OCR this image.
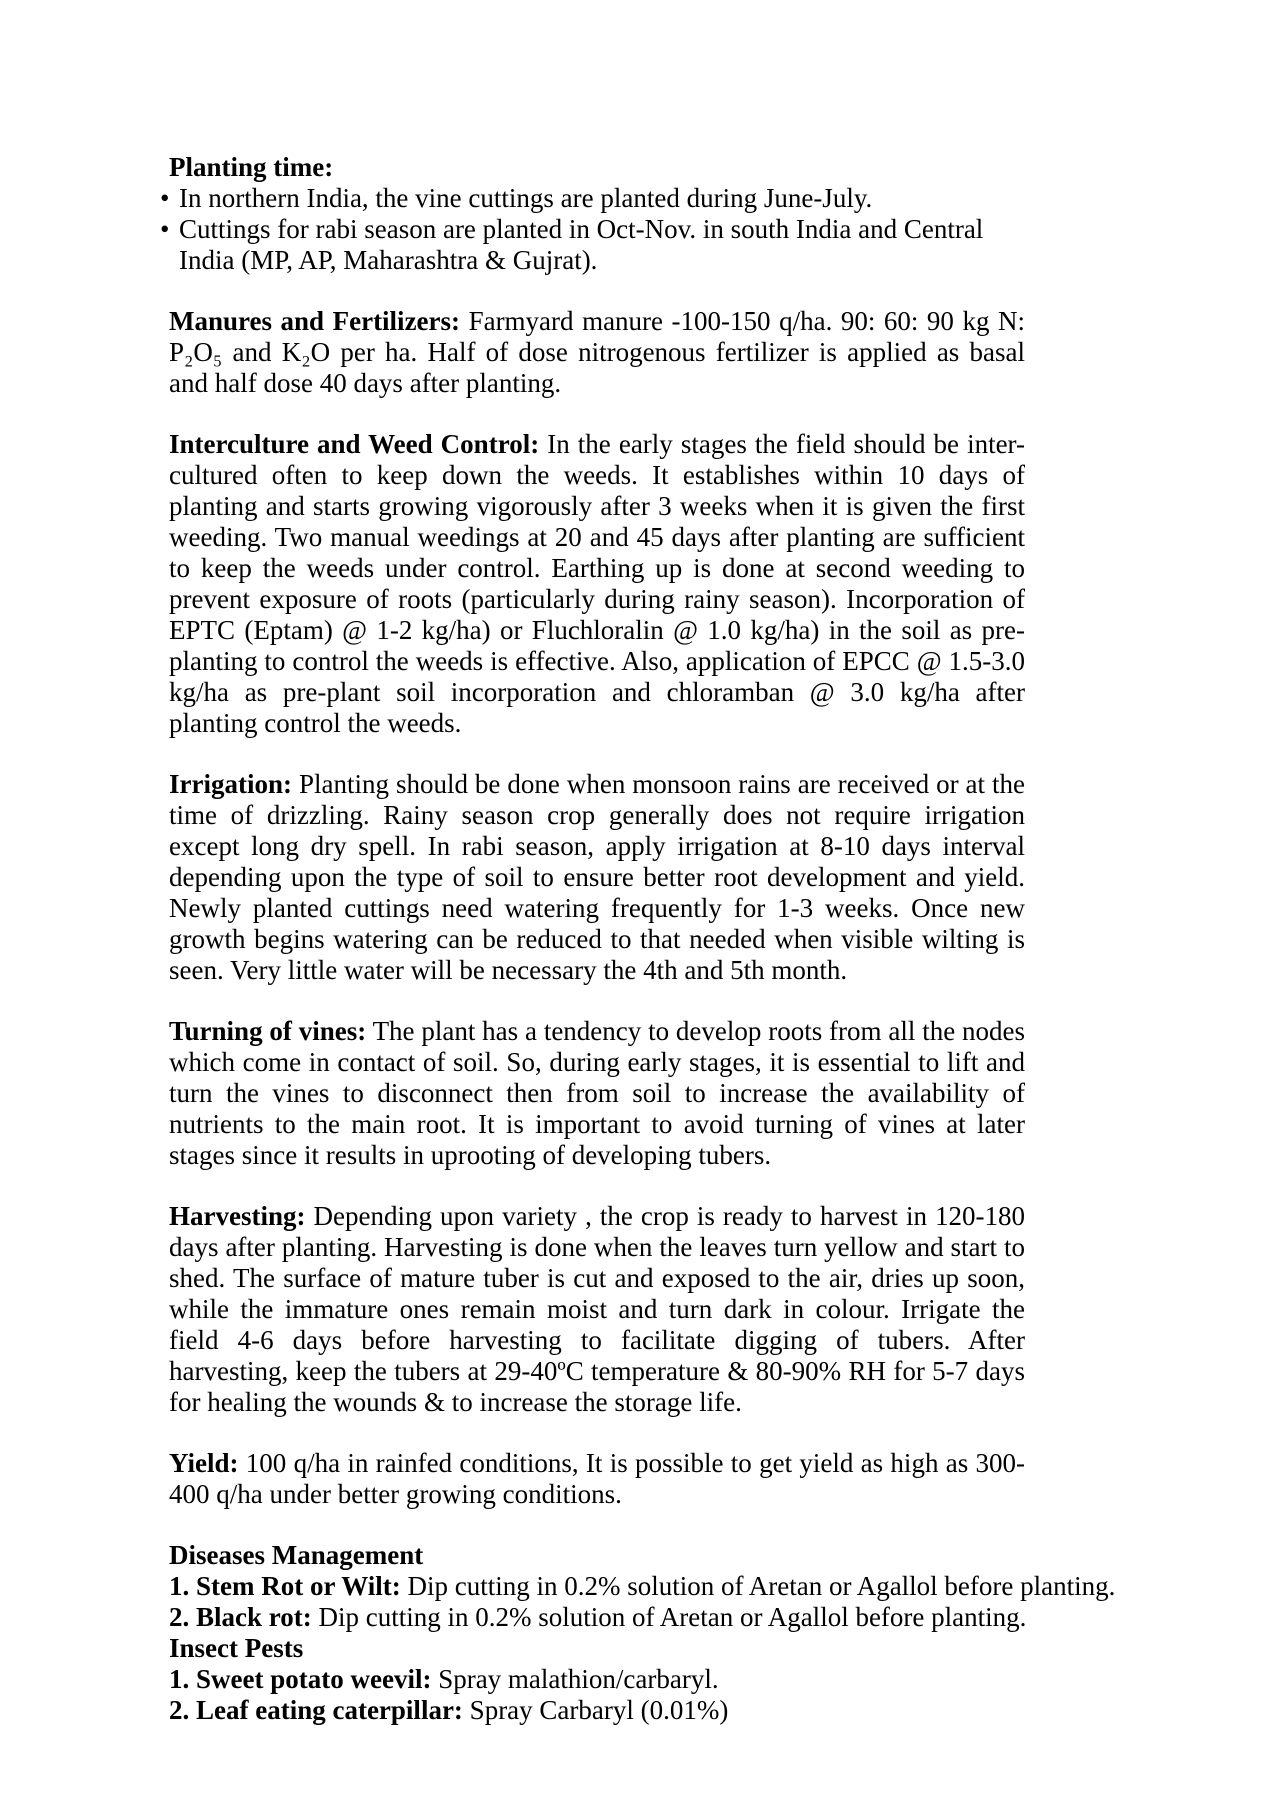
Planting time:
• In northern India, the vine cuttings are planted during June-July.
• Cuttings for rabi season are planted in Oct-Nov. in south India and Central India (MP, AP, Maharashtra & Gujrat).

Manures and Fertilizers: Farmyard manure -100-150 q/ha. 90: 60: 90 kg N: P₂O₅ and K₂O per ha. Half of dose nitrogenous fertilizer is applied as basal and half dose 40 days after planting.

Interculture and Weed Control: In the early stages the field should be inter-cultured often to keep down the weeds. It establishes within 10 days of planting and starts growing vigorously after 3 weeks when it is given the first weeding. Two manual weedings at 20 and 45 days after planting are sufficient to keep the weeds under control. Earthing up is done at second weeding to prevent exposure of roots (particularly during rainy season). Incorporation of EPTC (Eptam) @ 1-2 kg/ha) or Fluchloralin @ 1.0 kg/ha) in the soil as pre-planting to control the weeds is effective. Also, application of EPCC @ 1.5-3.0 kg/ha as pre-plant soil incorporation and chloramban @ 3.0 kg/ha after planting control the weeds.

Irrigation: Planting should be done when monsoon rains are received or at the time of drizzling. Rainy season crop generally does not require irrigation except long dry spell. In rabi season, apply irrigation at 8-10 days interval depending upon the type of soil to ensure better root development and yield. Newly planted cuttings need watering frequently for 1-3 weeks. Once new growth begins watering can be reduced to that needed when visible wilting is seen. Very little water will be necessary the 4th and 5th month.

Turning of vines: The plant has a tendency to develop roots from all the nodes which come in contact of soil. So, during early stages, it is essential to lift and turn the vines to disconnect then from soil to increase the availability of nutrients to the main root. It is important to avoid turning of vines at later stages since it results in uprooting of developing tubers.

Harvesting: Depending upon variety , the crop is ready to harvest in 120-180 days after planting. Harvesting is done when the leaves turn yellow and start to shed. The surface of mature tuber is cut and exposed to the air, dries up soon, while the immature ones remain moist and turn dark in colour. Irrigate the field 4-6 days before harvesting to facilitate digging of tubers. After harvesting, keep the tubers at 29-40ºC temperature & 80-90% RH for 5-7 days for healing the wounds & to increase the storage life.

Yield: 100 q/ha in rainfed conditions, It is possible to get yield as high as 300-400 q/ha under better growing conditions.

Diseases Management

1. Stem Rot or Wilt: Dip cutting in 0.2% solution of Aretan or Agallol before planting.

2. Black rot: Dip cutting in 0.2% solution of Aretan or Agallol before planting.

Insect Pests

1. Sweet potato weevil: Spray malathion/carbaryl.

2. Leaf eating caterpillar: Spray Carbaryl (0.01%)
